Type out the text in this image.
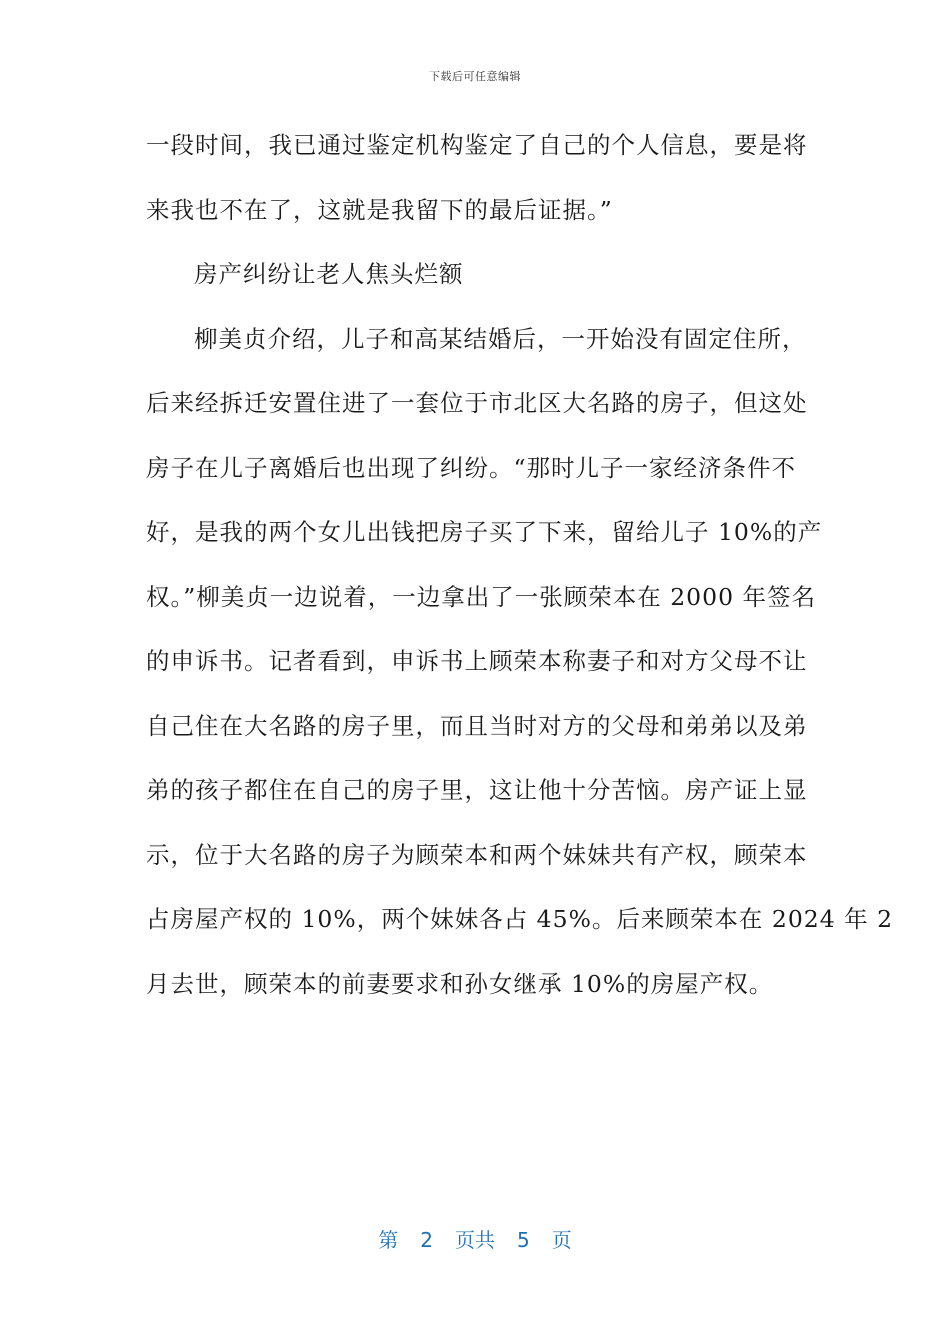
下载后可任意编辑
一段时间，我已通过鉴定机构鉴定了自己的个人信息，要是将
来我也不在了，这就是我留下的最后证据。”
房产纠纷让老人焦头烂额
柳美贞介绍，儿子和高某结婚后，一开始没有固定住所，
后来经拆迁安置住进了一套位于市北区大名路的房子，但这处
房子在儿子离婚后也出现了纠纷。“那时儿子一家经济条件不
好，是我的两个女儿出钱把房子买了下来，留给儿子 10%的产
权。”柳美贞一边说着，一边拿出了一张顾荣本在 2000 年签名
的申诉书。记者看到，申诉书上顾荣本称妻子和对方父母不让
自己住在大名路的房子里，而且当时对方的父母和弟弟以及弟
弟的孩子都住在自己的房子里，这让他十分苦恼。房产证上显
示，位于大名路的房子为顾荣本和两个妹妹共有产权，顾荣本
占房屋产权的 10%，两个妹妹各占 45%。后来顾荣本在 2024 年 2
月去世，顾荣本的前妻要求和孙女继承 10%的房屋产权。
第 2 页共 5 页
